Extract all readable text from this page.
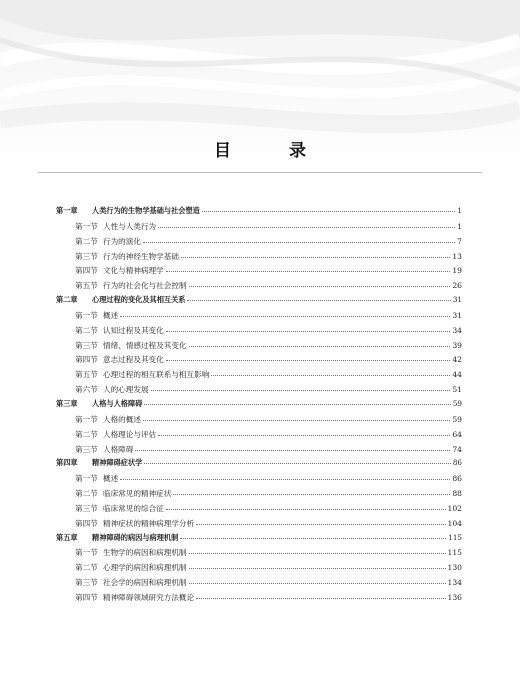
目 录
第一章	人类行为的生物学基础与社会塑造	1
第一节 人性与人类行为	1
第二节 行为的演化	7
第三节 行为的神经生物学基础	13
第四节 文化与精神病理学	19
第五节 行为的社会化与社会控制	26
第二章	心理过程的变化及其相互关系	31
第一节 概述	31
第二节 认知过程及其变化	34
第三节 情绪、情感过程及其变化	39
第四节 意志过程及其变化	42
第五节 心理过程的相互联系与相互影响	44
第六节 人的心理发展	51
第三章	人格与人格障碍	59
第一节 人格的概述	59
第二节 人格理论与评估	64
第三节 人格障碍	74
第四章	精神障碍症状学	86
第一节 概述	86
第二节 临床常见的精神症状	88
第三节 临床常见的综合征	102
第四节 精神症状的精神病理学分析	104
第五章	精神障碍的病因与病理机制	115
第一节 生物学的病因和病理机制	115
第二节 心理学的病因和病理机制	130
第三节 社会学的病因和病理机制	134
第四节 精神障碍领域研究方法概论	136
